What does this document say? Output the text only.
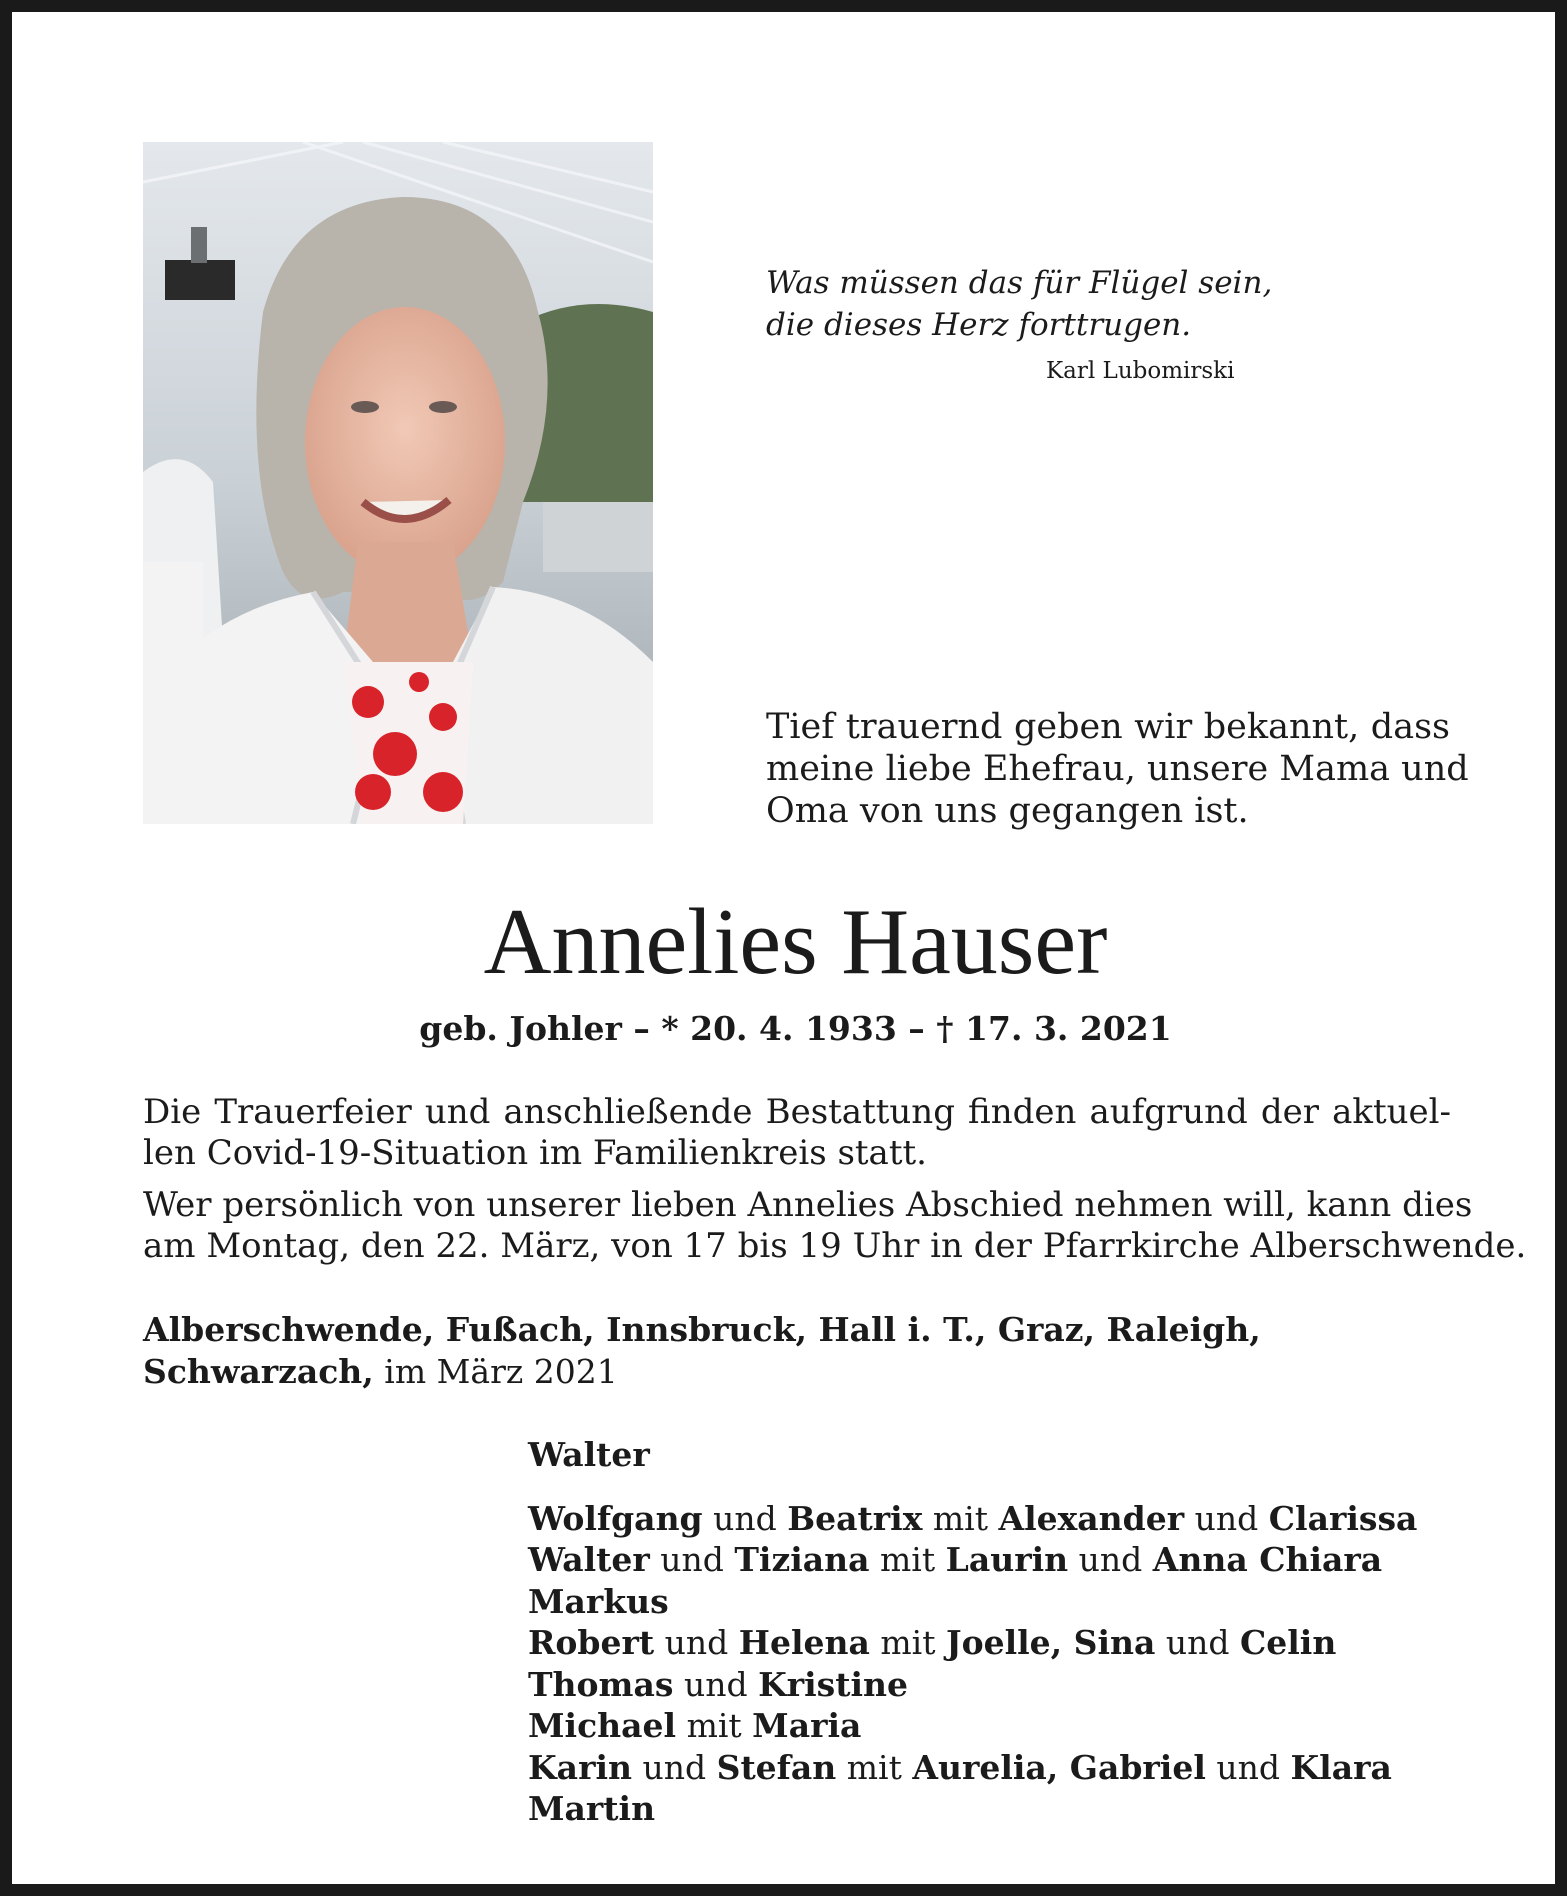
Was müssen das für Flügel sein,
die dieses Herz forttrugen.
Karl Lubomirski
Tief trauernd geben wir bekannt, dass
meine liebe Ehefrau, unsere Mama und
Oma von uns gegangen ist.
Annelies Hauser
geb. Johler – * 20. 4. 1933 – † 17. 3. 2021
Die Trauerfeier und anschließende Bestattung finden aufgrund der aktuel-
len Covid-19-Situation im Familienkreis statt.
Wer persönlich von unserer lieben Annelies Abschied nehmen will, kann dies
am Montag, den 22. März, von 17 bis 19 Uhr in der Pfarrkirche Alberschwende.
Alberschwende, Fußach, Innsbruck, Hall i. T., Graz, Raleigh,
Schwarzach, im März 2021
Walter
Wolfgang und Beatrix mit Alexander und Clarissa
Walter und Tiziana mit Laurin und Anna Chiara
Markus
Robert und Helena mit Joelle, Sina und Celin
Thomas und Kristine
Michael mit Maria
Karin und Stefan mit Aurelia, Gabriel und Klara
Martin
